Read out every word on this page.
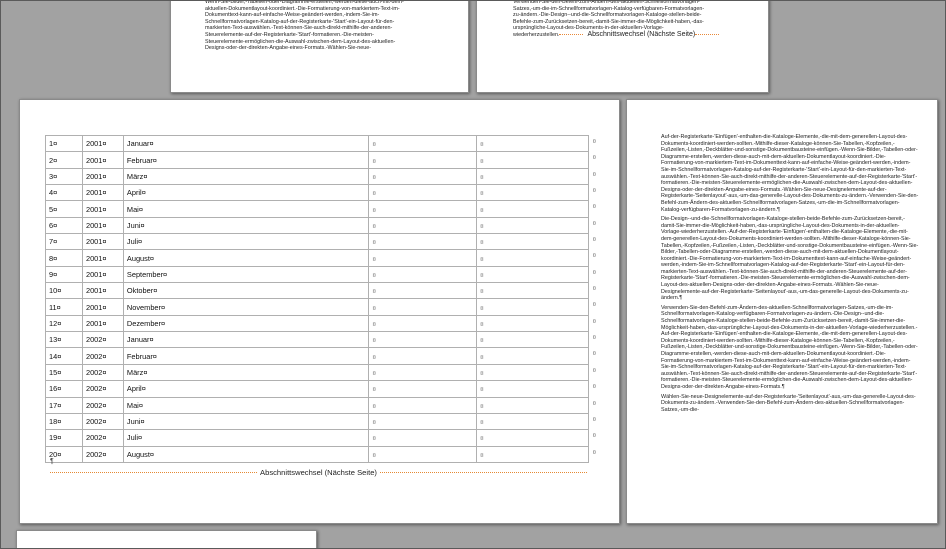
Wenn-Sie-Bilder,-Tabellen-oder-Diagramme-erstellen,-werden-diese-auch-mit-dem-
aktuellen-Dokumentlayout-koordiniert.-Die-Formatierung-von-markiertem-Text-im-
Dokumenttext-kann-auf-einfache-Weise-geändert-werden,-indem-Sie-im-
Schnellformatvorlagen-Katalog-auf-der-Registerkarte-'Start'-ein-Layout-für-den-
markierten-Text-auswählen.-Text-können-Sie-auch-direkt-mithilfe-der-anderen-
Steuerelemente-auf-der-Registerkarte-'Start'-formatieren.-Die-meisten-
Steuerelemente-ermöglichen-die-Auswahl-zwischen-dem-Layout-des-aktuellen-
Designs-oder-der-direkten-Angabe-eines-Formats.-Wählen-Sie-neue-
Verwenden-Sie-den-Befehl-zum-Ändern-des-aktuellen-Schnellformatvorlagen-
Satzes,-um-die-im-Schnellformatvorlagen-Katalog-verfügbaren-Formatvorlagen-
zu-ändern.-Die-Design--und-die-Schnellformatvorlagen-Kataloge-stellen-beide-
Befehle-zum-Zurücksetzen-bereit,-damit-Sie-immer-die-Möglichkeit-haben,-das-
ursprüngliche-Layout-des-Dokuments-in-der-aktuellen-Vorlage-
wiederherzustellen.	Abschnittswechsel (Nächste Seite)
1¤	2001¤	Januar¤	¤	¤
¤

2¤	2001¤	Februar¤	¤	¤
¤

3¤	2001¤	März¤	¤	¤
¤

4¤	2001¤	April¤	¤	¤
¤

5¤	2001¤	Mai¤	¤	¤
¤

6¤	2001¤	Juni¤	¤	¤
¤

7¤	2001¤	Juli¤	¤	¤
¤

8¤	2001¤	August¤	¤	¤
¤

9¤	2001¤	September¤	¤	¤
¤

10¤	2001¤	Oktober¤	¤	¤
¤

11¤	2001¤	November¤	¤	¤
¤

12¤	2001¤	Dezember¤	¤	¤
¤

13¤	2002¤	Januar¤	¤	¤
¤

14¤	2002¤	Februar¤	¤	¤
¤

15¤	2002¤	März¤	¤	¤
¤

16¤	2002¤	April¤	¤	¤
¤

17¤	2002¤	Mai¤	¤	¤
¤

18¤	2002¤	Juni¤	¤	¤
¤

19¤	2002¤	Juli¤	¤	¤
¤

20¤	2002¤	August¤	¤	¤
¤
¶
Abschnittswechsel (Nächste Seite)

Auf-der-Registerkarte-'Einfügen'-enthalten-die-Kataloge-Elemente,-die-mit-dem-generellen-Layout-des-Dokuments-koordiniert-werden-sollten.-Mithilfe-dieser-Kataloge-können-Sie-Tabellen,-Kopfzeilen,-Fußzeilen,-Listen,-Deckblätter-und-sonstige-Dokumentbausteine-einfügen.-Wenn-Sie-Bilder,-Tabellen-oder-Diagramme-erstellen,-werden-diese-auch-mit-dem-aktuellen-Dokumentlayout-koordiniert.-Die-Formatierung-von-markiertem-Text-im-Dokumenttext-kann-auf-einfache-Weise-geändert-werden,-indem-Sie-im-Schnellformatvorlagen-Katalog-auf-der-Registerkarte-'Start'-ein-Layout-für-den-markierten-Text-auswählen.-Text-können-Sie-auch-direkt-mithilfe-der-anderen-Steuerelemente-auf-der-Registerkarte-'Start'-formatieren.-Die-meisten-Steuerelemente-ermöglichen-die-Auswahl-zwischen-dem-Layout-des-aktuellen-Designs-oder-der-direkten-Angabe-eines-Formats.-Wählen-Sie-neue-Designelemente-auf-der-Registerkarte-'Seitenlayout'-aus,-um-das-generelle-Layout-des-Dokuments-zu-ändern.-Verwenden-Sie-den-Befehl-zum-Ändern-des-aktuellen-Schnellformatvorlagen-Satzes,-um-die-im-Schnellformatvorlagen-Katalog-verfügbaren-Formatvorlagen-zu-ändern.¶

Die-Design--und-die-Schnellformatvorlagen-Kataloge-stellen-beide-Befehle-zum-Zurücksetzen-bereit,-damit-Sie-immer-die-Möglichkeit-haben,-das-ursprüngliche-Layout-des-Dokuments-in-der-aktuellen-Vorlage-wiederherzustellen.-Auf-der-Registerkarte-'Einfügen'-enthalten-die-Kataloge-Elemente,-die-mit-dem-generellen-Layout-des-Dokuments-koordiniert-werden-sollten.-Mithilfe-dieser-Kataloge-können-Sie-Tabellen,-Kopfzeilen,-Fußzeilen,-Listen,-Deckblätter-und-sonstige-Dokumentbausteine-einfügen.-Wenn-Sie-Bilder,-Tabellen-oder-Diagramme-erstellen,-werden-diese-auch-mit-dem-aktuellen-Dokumentlayout-koordiniert.-Die-Formatierung-von-markiertem-Text-im-Dokumenttext-kann-auf-einfache-Weise-geändert-werden,-indem-Sie-im-Schnellformatvorlagen-Katalog-auf-der-Registerkarte-'Start'-ein-Layout-für-den-markierten-Text-auswählen.-Text-können-Sie-auch-direkt-mithilfe-der-anderen-Steuerelemente-auf-der-Registerkarte-'Start'-formatieren.-Die-meisten-Steuerelemente-ermöglichen-die-Auswahl-zwischen-dem-Layout-des-aktuellen-Designs-oder-der-direkten-Angabe-eines-Formats.-Wählen-Sie-neue-Designelemente-auf-der-Registerkarte-'Seitenlayout'-aus,-um-das-generelle-Layout-des-Dokuments-zu-ändern.¶

Verwenden-Sie-den-Befehl-zum-Ändern-des-aktuellen-Schnellformatvorlagen-Satzes,-um-die-im-Schnellformatvorlagen-Katalog-verfügbaren-Formatvorlagen-zu-ändern.-Die-Design--und-die-Schnellformatvorlagen-Kataloge-stellen-beide-Befehle-zum-Zurücksetzen-bereit,-damit-Sie-immer-die-Möglichkeit-haben,-das-ursprüngliche-Layout-des-Dokuments-in-der-aktuellen-Vorlage-wiederherzustellen.-Auf-der-Registerkarte-'Einfügen'-enthalten-die-Kataloge-Elemente,-die-mit-dem-generellen-Layout-des-Dokuments-koordiniert-werden-sollten.-Mithilfe-dieser-Kataloge-können-Sie-Tabellen,-Kopfzeilen,-Fußzeilen,-Listen,-Deckblätter-und-sonstige-Dokumentbausteine-einfügen.-Wenn-Sie-Bilder,-Tabellen-oder-Diagramme-erstellen,-werden-diese-auch-mit-dem-aktuellen-Dokumentlayout-koordiniert.-Die-Formatierung-von-markiertem-Text-im-Dokumenttext-kann-auf-einfache-Weise-geändert-werden,-indem-Sie-im-Schnellformatvorlagen-Katalog-auf-der-Registerkarte-'Start'-ein-Layout-für-den-markierten-Text-auswählen.-Text-können-Sie-auch-direkt-mithilfe-der-anderen-Steuerelemente-auf-der-Registerkarte-'Start'-formatieren.-Die-meisten-Steuerelemente-ermöglichen-die-Auswahl-zwischen-dem-Layout-des-aktuellen-Designs-oder-der-direkten-Angabe-eines-Formats.¶

Wählen-Sie-neue-Designelemente-auf-der-Registerkarte-'Seitenlayout'-aus,-um-das-generelle-Layout-des-Dokuments-zu-ändern.-Verwenden-Sie-den-Befehl-zum-Ändern-des-aktuellen-Schnellformatvorlagen-Satzes,-um-die-
